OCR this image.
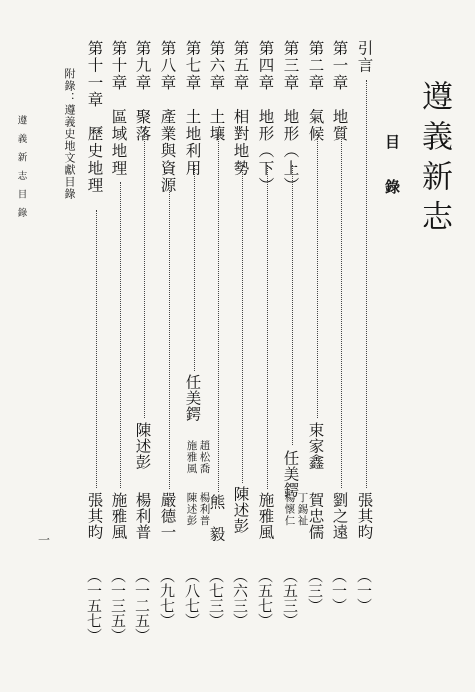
遵義新志
目錄
引言
張其昀
（一）
第一章　地質
劉之遠
（一）
第二章　氣候
束家鑫
賀忠儒
（三）
第三章　地形（上）
任美鍔
丁錫祉
楊懷仁
（五三）
第四章　地形（下）
施雅風
（五七）
第五章　相對地勢
陳述彭
（六三）
第六章　土壤
熊　毅
（七三）
第七章　土地利用
任美鍔
趙松喬
施雅風
楊利普
陳述彭
（八七）
第八章　產業與資源
嚴德一
（九七）
第九章　聚落
陳述彭
楊利普
（一二五）
第十章　區域地理
施雅風
（一三五）
第十一章　歷史地理
張其昀
（一五七）
附錄：遵義史地文獻目錄
遵義新志目錄
一
